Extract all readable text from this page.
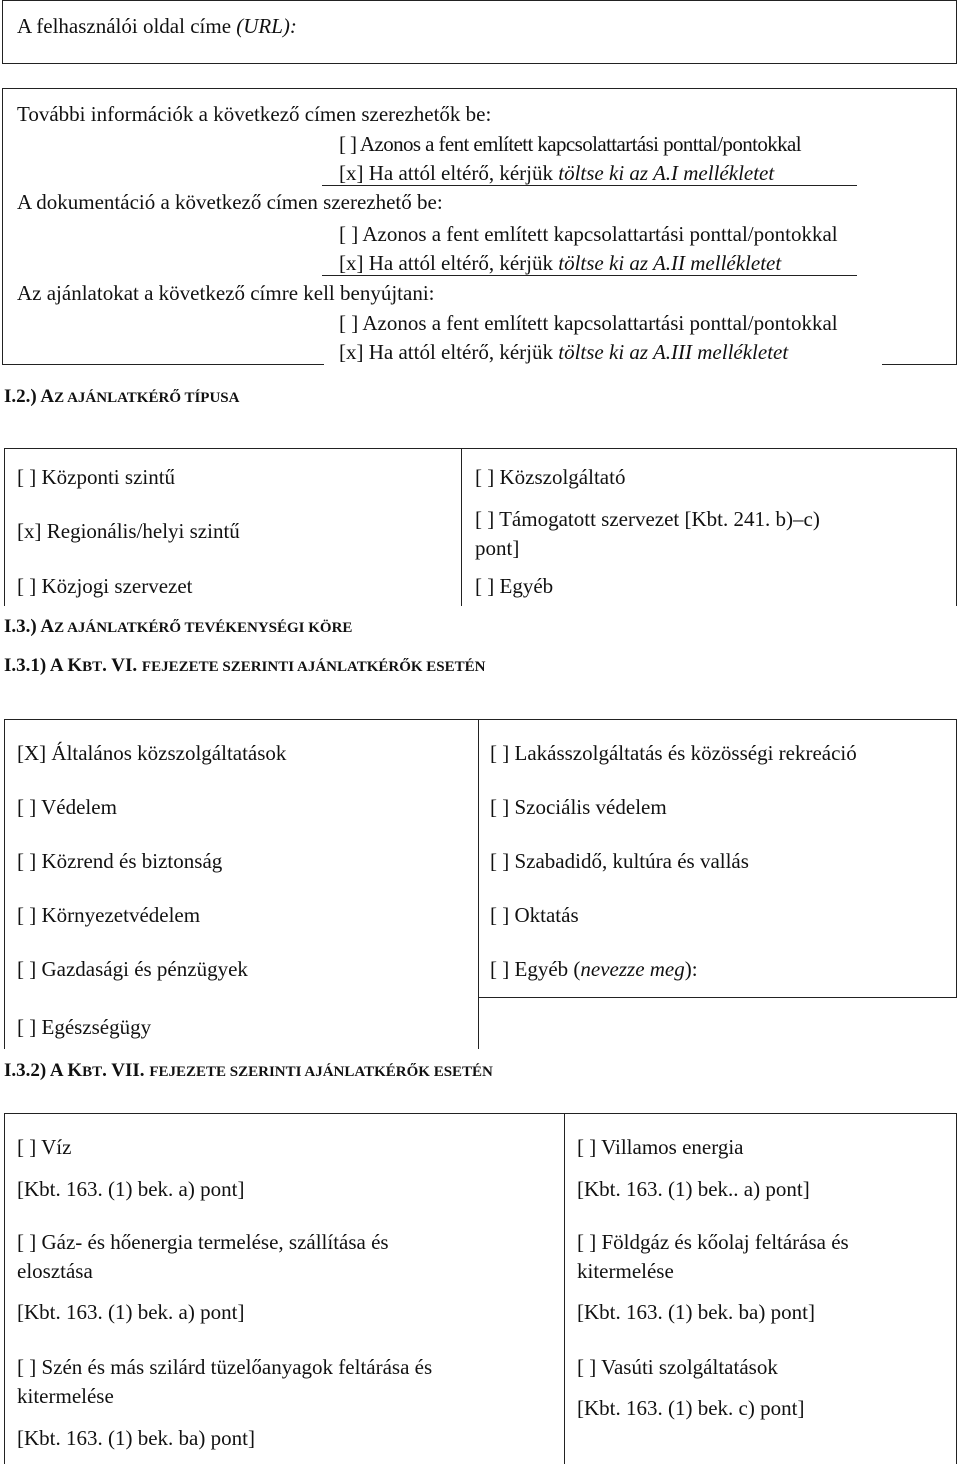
A felhasználói oldal címe (URL):
További információk a következő címen szerezhetők be:
[ ] Azonos a fent említett kapcsolattartási ponttal/pontokkal
[x] Ha attól eltérő, kérjük töltse ki az A.I mellékletet
A dokumentáció a következő címen szerezhető be:
[ ] Azonos a fent említett kapcsolattartási ponttal/pontokkal
[x] Ha attól eltérő, kérjük töltse ki az A.II mellékletet
Az ajánlatokat a következő címre kell benyújtani:
[ ] Azonos a fent említett kapcsolattartási ponttal/pontokkal
[x] Ha attól eltérő, kérjük töltse ki az A.III mellékletet
I.2.) AZ AJÁNLATKÉRŐ TÍPUSA
[ ] Központi szintű
[x] Regionális/helyi szintű
[ ] Közjogi szervezet
[ ] Közszolgáltató
[ ] Támogatott szervezet [Kbt. 241. b)–c)
pont]
[ ] Egyéb
I.3.) AZ AJÁNLATKÉRŐ TEVÉKENYSÉGI KÖRE
I.3.1) A KBT. VI. FEJEZETE SZERINTI AJÁNLATKÉRŐK ESETÉN
[X] Általános közszolgáltatások
[ ] Védelem
[ ] Közrend és biztonság
[ ] Környezetvédelem
[ ] Gazdasági és pénzügyek
[ ] Egészségügy
[ ] Lakásszolgáltatás és közösségi rekreáció
[ ] Szociális védelem
[ ] Szabadidő, kultúra és vallás
[ ] Oktatás
[ ] Egyéb (nevezze meg):
I.3.2) A KBT. VII. FEJEZETE SZERINTI AJÁNLATKÉRŐK ESETÉN
[ ] Víz
[Kbt. 163. (1) bek. a) pont]
[ ] Gáz- és hőenergia termelése, szállítása és
elosztása
[Kbt. 163. (1) bek. a) pont]
[ ] Szén és más szilárd tüzelőanyagok feltárása és
kitermelése
[Kbt. 163. (1) bek. ba) pont]
[ ] Villamos energia
[Kbt. 163. (1) bek.. a) pont]
[ ] Földgáz és kőolaj feltárása és
kitermelése
[Kbt. 163. (1) bek. ba) pont]
[ ] Vasúti szolgáltatások
[Kbt. 163. (1) bek. c) pont]
